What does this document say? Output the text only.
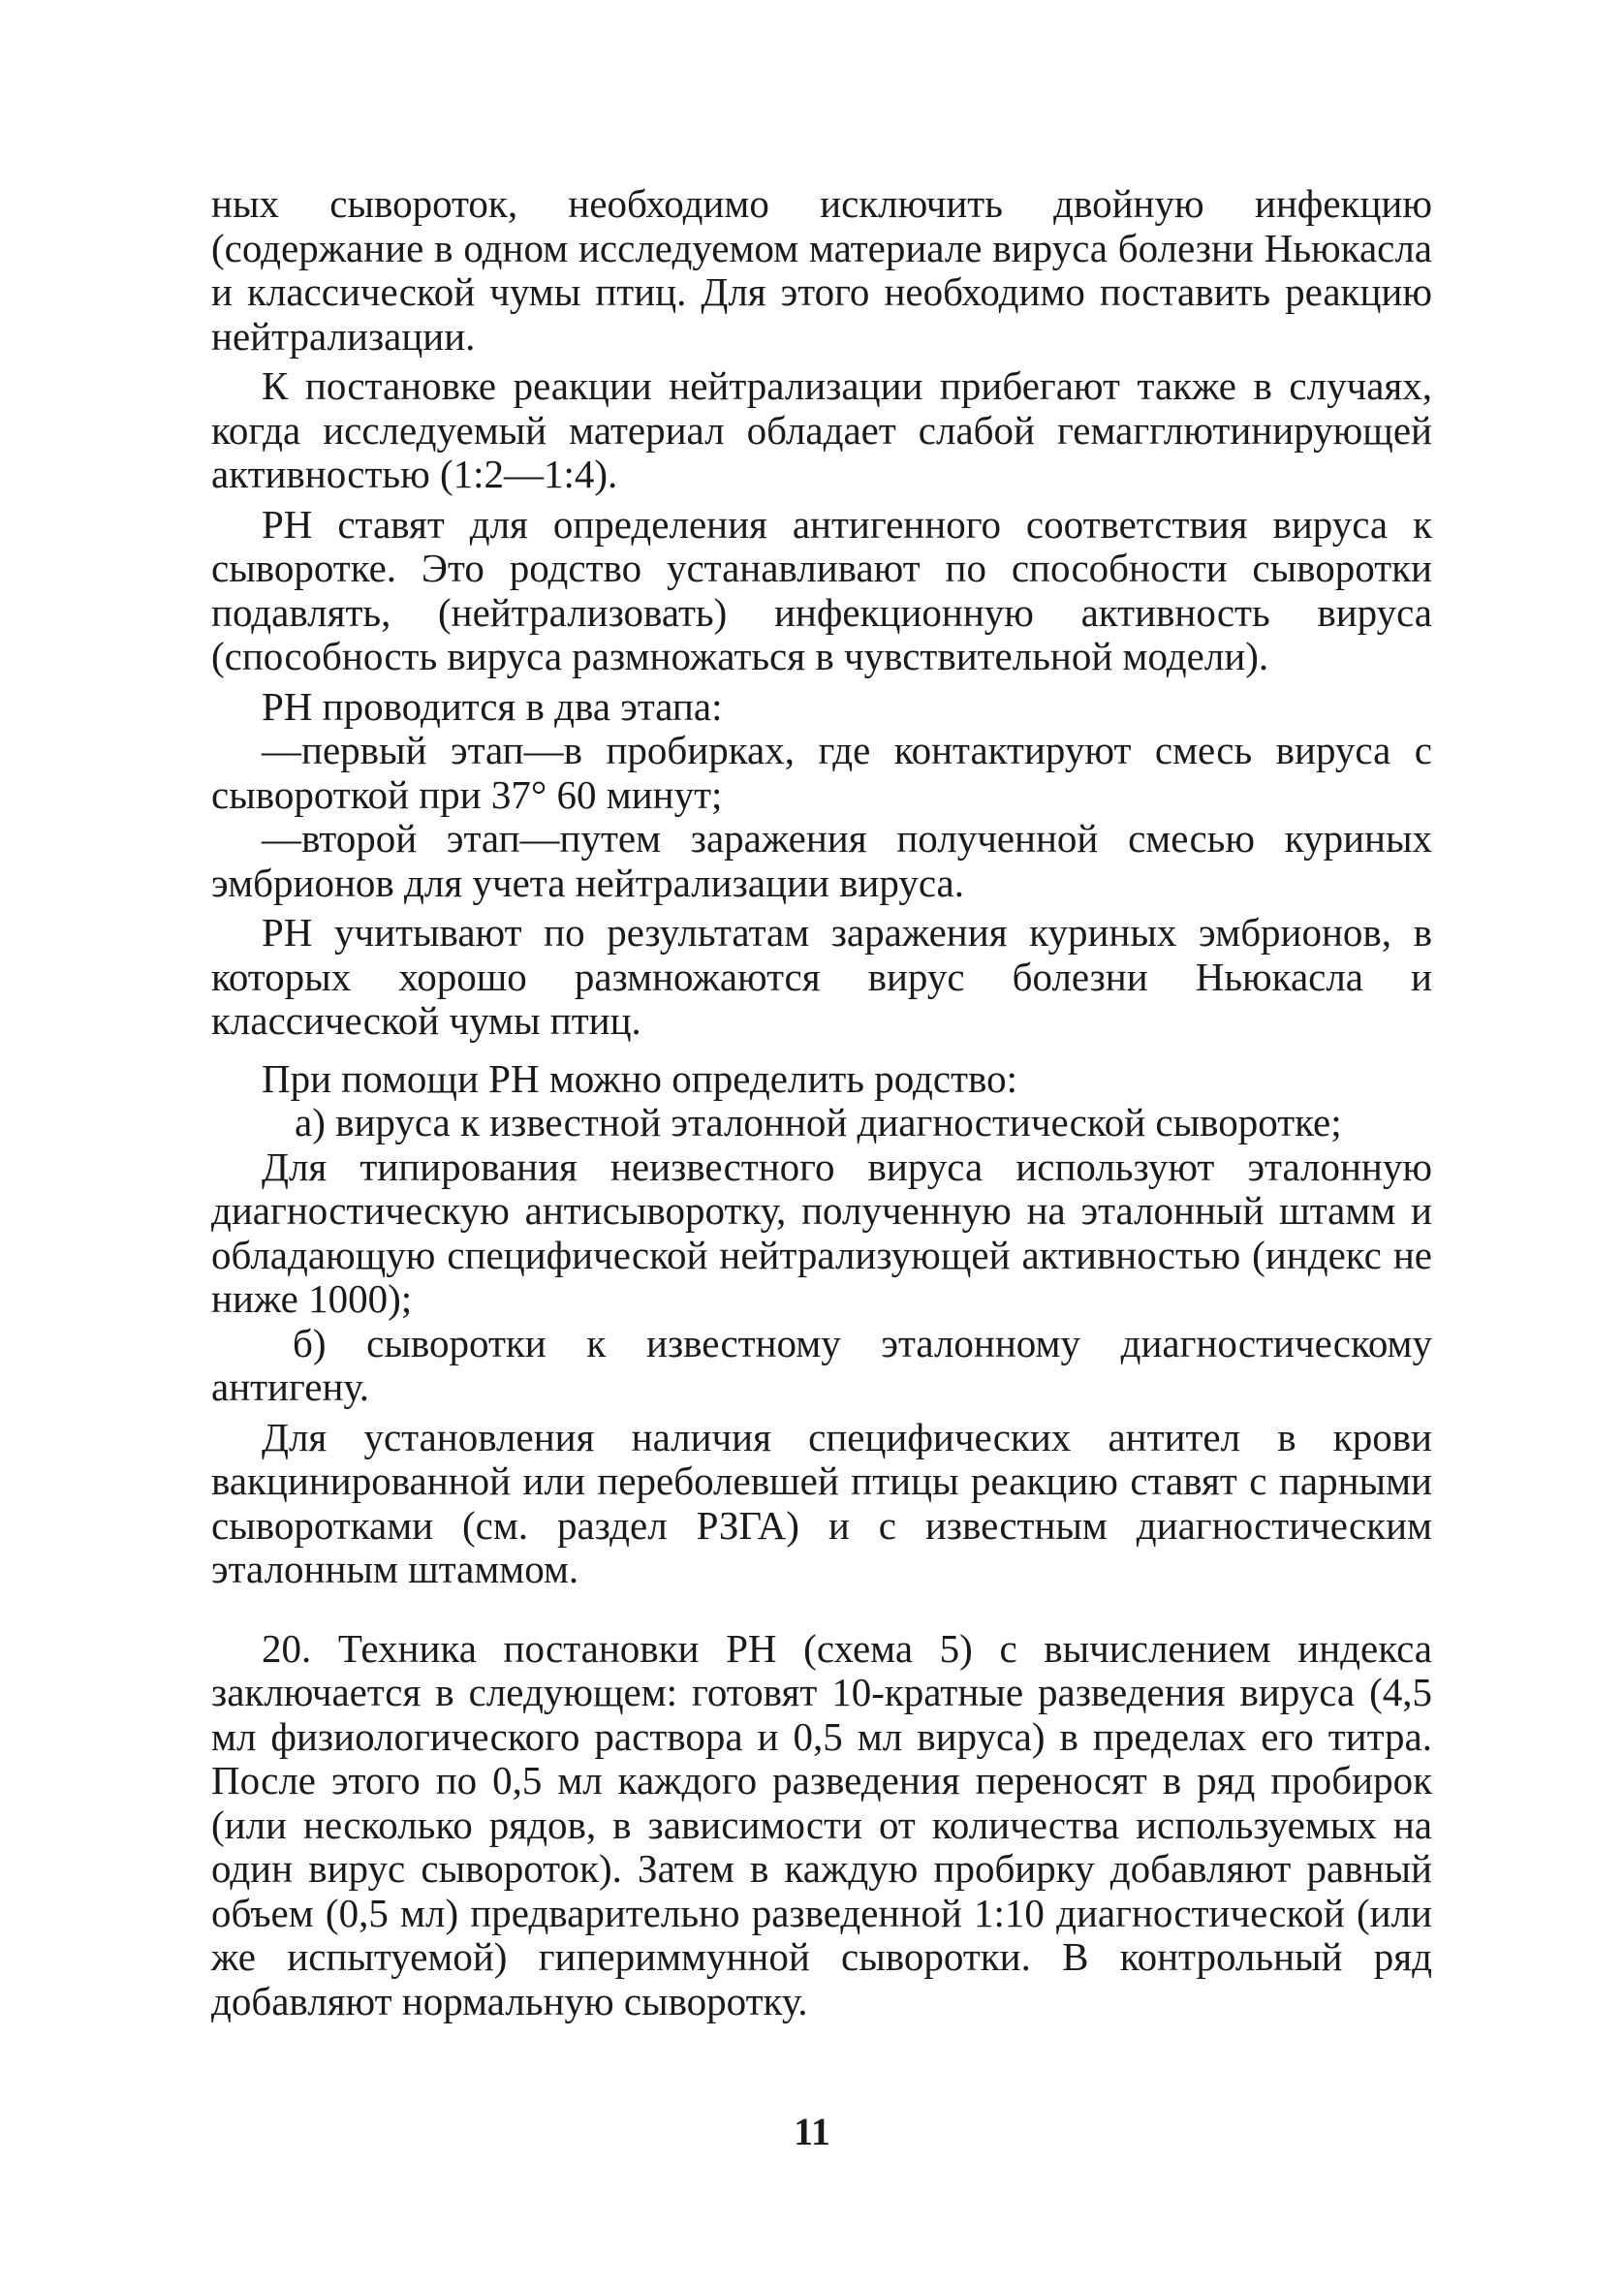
ных сывороток, необходимо исключить двойную инфекцию (содержание в одном исследуемом материале вируса болезни Ньюкасла и классической чумы птиц. Для этого необходимо поставить реакцию нейтрализации.

К постановке реакции нейтрализации прибегают также в случаях, когда исследуемый материал обладает слабой гемагглютинирующей активностью (1:2—1:4).

РН ставят для определения антигенного соответствия вируса к сыворотке. Это родство устанавливают по способности сыворотки подавлять, (нейтрализовать) инфекционную активность вируса (способность вируса размножаться в чувствительной модели).

РН проводится в два этапа:

—первый этап—в пробирках, где контактируют смесь вируса с сывороткой при 37° 60 минут;

—второй этап—путем заражения полученной смесью куриных эмбрионов для учета нейтрализации вируса.

РН учитывают по результатам заражения куриных эмбрионов, в которых хорошо размножаются вирус болезни Ньюкасла и классической чумы птиц.

При помощи РН можно определить родство:

а) вируса к известной эталонной диагностической сыворотке;

Для типирования неизвестного вируса используют эталонную диагностическую антисыворотку, полученную на эталонный штамм и обладающую специфической нейтрализующей активностью (индекс не ниже 1000);

б) сыворотки к известному эталонному диагностическому антигену.

Для установления наличия специфических антител в крови вакцинированной или переболевшей птицы реакцию ставят с парными сыворотками (см. раздел РЗГА) и с известным диагностическим эталонным штаммом.

20. Техника постановки РН (схема 5) с вычислением индекса заключается в следующем: готовят 10-кратные разведения вируса (4,5 мл физиологического раствора и 0,5 мл вируса) в пределах его титра. После этого по 0,5 мл каждого разведения переносят в ряд пробирок (или несколько рядов, в зависимости от количества используемых на один вирус сывороток). Затем в каждую пробирку добавляют равный объем (0,5 мл) предварительно разведенной 1:10 диагностической (или же испытуемой) гипериммунной сыворотки. В контрольный ряд добавляют нормальную сыворотку.

11
